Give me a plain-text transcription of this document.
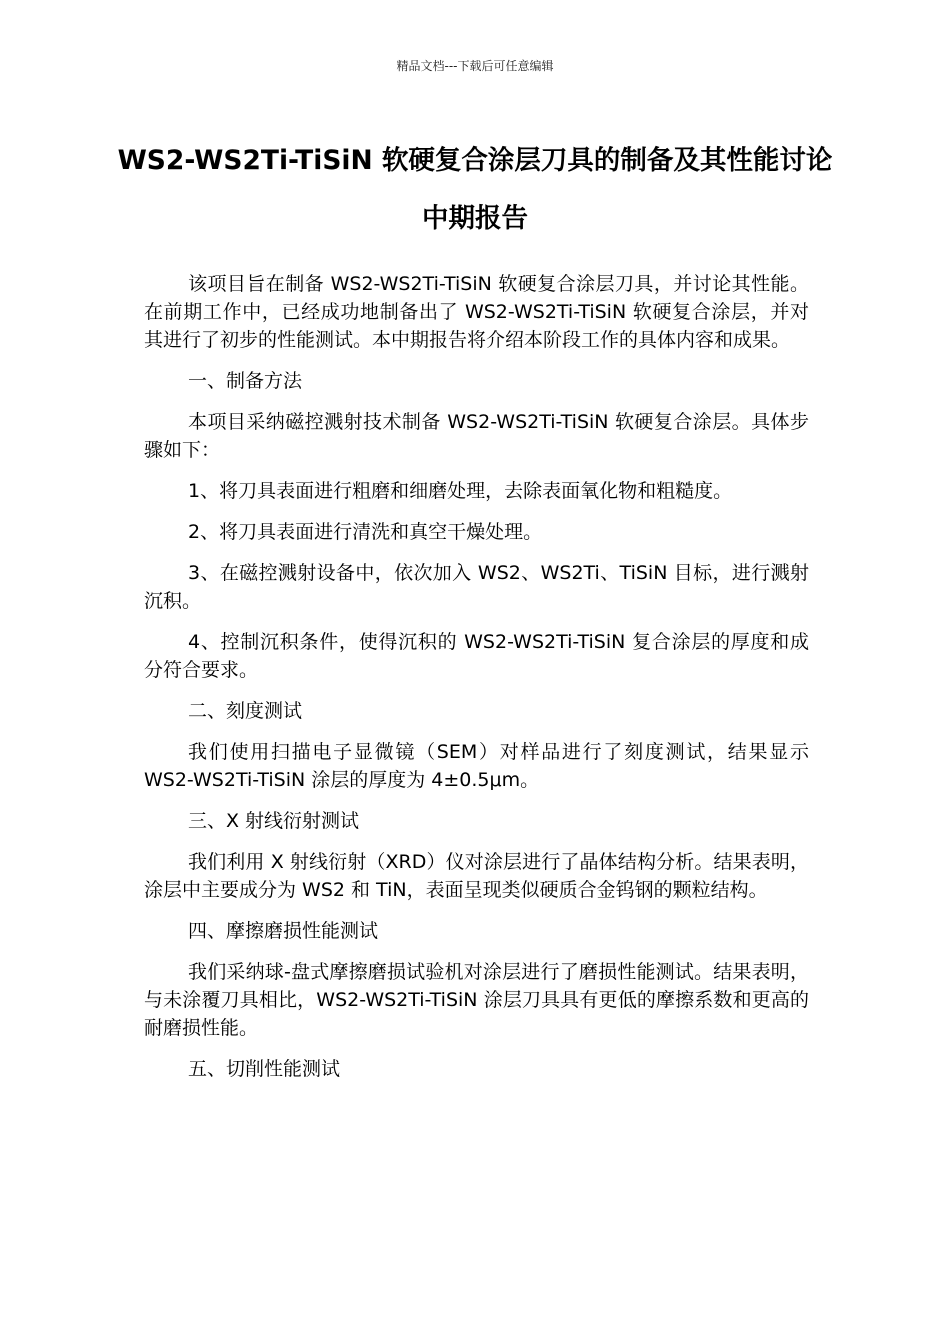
精品文档---下载后可任意编辑
WS2-WS2Ti-TiSiN 软硬复合涂层刀具的制备及其性能讨论中期报告

该项目旨在制备 WS2-WS2Ti-TiSiN 软硬复合涂层刀具，并讨论其性能。在前期工作中，已经成功地制备出了 WS2-WS2Ti-TiSiN 软硬复合涂层，并对其进行了初步的性能测试。本中期报告将介绍本阶段工作的具体内容和成果。

一、制备方法

本项目采纳磁控溅射技术制备 WS2-WS2Ti-TiSiN 软硬复合涂层。具体步骤如下：

1、将刀具表面进行粗磨和细磨处理，去除表面氧化物和粗糙度。

2、将刀具表面进行清洗和真空干燥处理。

3、在磁控溅射设备中，依次加入 WS2、WS2Ti、TiSiN 目标，进行溅射沉积。

4、控制沉积条件，使得沉积的 WS2-WS2Ti-TiSiN 复合涂层的厚度和成分符合要求。

二、刻度测试

我们使用扫描电子显微镜（SEM）对样品进行了刻度测试，结果显示 WS2-WS2Ti-TiSiN 涂层的厚度为 4±0.5μm。

三、X 射线衍射测试

我们利用 X 射线衍射（XRD）仪对涂层进行了晶体结构分析。结果表明，涂层中主要成分为 WS2 和 TiN，表面呈现类似硬质合金钨钢的颗粒结构。

四、摩擦磨损性能测试

我们采纳球-盘式摩擦磨损试验机对涂层进行了磨损性能测试。结果表明，与未涂覆刀具相比，WS2-WS2Ti-TiSiN 涂层刀具具有更低的摩擦系数和更高的耐磨损性能。

五、切削性能测试
